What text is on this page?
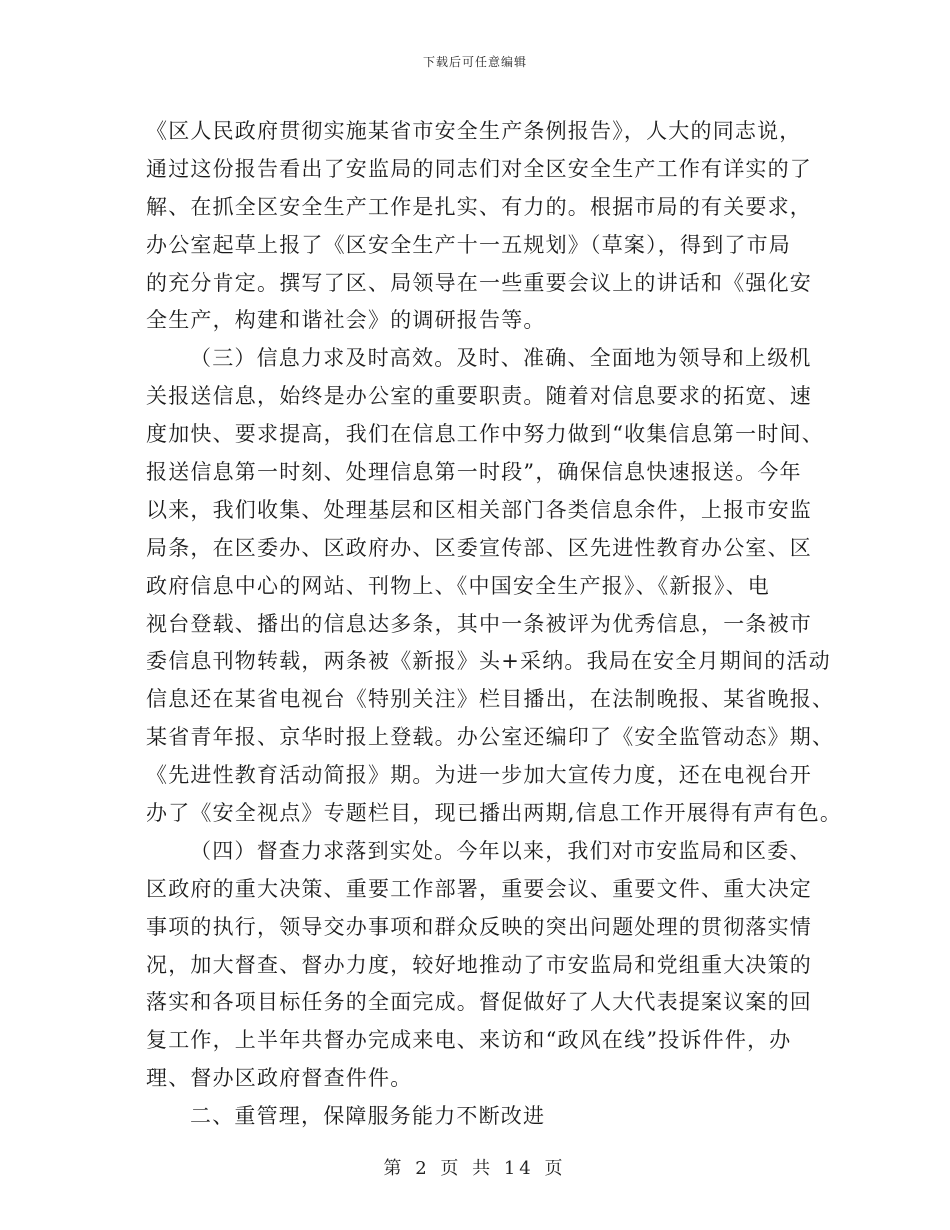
下载后可任意编辑
《区人民政府贯彻实施某省市安全生产条例报告》，人大的同志说，
通过这份报告看出了安监局的同志们对全区安全生产工作有详实的了
解、在抓全区安全生产工作是扎实、有力的。根据市局的有关要求，
办公室起草上报了《区安全生产十一五规划》（草案），得到了市局
的充分肯定。撰写了区、局领导在一些重要会议上的讲话和《强化安
全生产，构建和谐社会》的调研报告等。
（三）信息力求及时高效。及时、准确、全面地为领导和上级机
关报送信息，始终是办公室的重要职责。随着对信息要求的拓宽、速
度加快、要求提高，我们在信息工作中努力做到“收集信息第一时间、
报送信息第一时刻、处理信息第一时段”，确保信息快速报送。今年
以来，我们收集、处理基层和区相关部门各类信息余件，上报市安监
局条，在区委办、区政府办、区委宣传部、区先进性教育办公室、区
政府信息中心的网站、刊物上、《中国安全生产报》、《新报》、电
视台登载、播出的信息达多条，其中一条被评为优秀信息，一条被市
委信息刊物转载，两条被《新报》头+采纳。我局在安全月期间的活动
信息还在某省电视台《特别关注》栏目播出，在法制晚报、某省晚报、
某省青年报、京华时报上登载。办公室还编印了《安全监管动态》期、
《先进性教育活动简报》期。为进一步加大宣传力度，还在电视台开
办了《安全视点》专题栏目，现已播出两期,信息工作开展得有声有色。
（四）督查力求落到实处。今年以来，我们对市安监局和区委、
区政府的重大决策、重要工作部署，重要会议、重要文件、重大决定
事项的执行，领导交办事项和群众反映的突出问题处理的贯彻落实情
况，加大督查、督办力度，较好地推动了市安监局和党组重大决策的
落实和各项目标任务的全面完成。督促做好了人大代表提案议案的回
复工作，上半年共督办完成来电、来访和“政风在线”投诉件件，办
理、督办区政府督查件件。
二、重管理，保障服务能力不断改进
第 2 页 共 14 页
